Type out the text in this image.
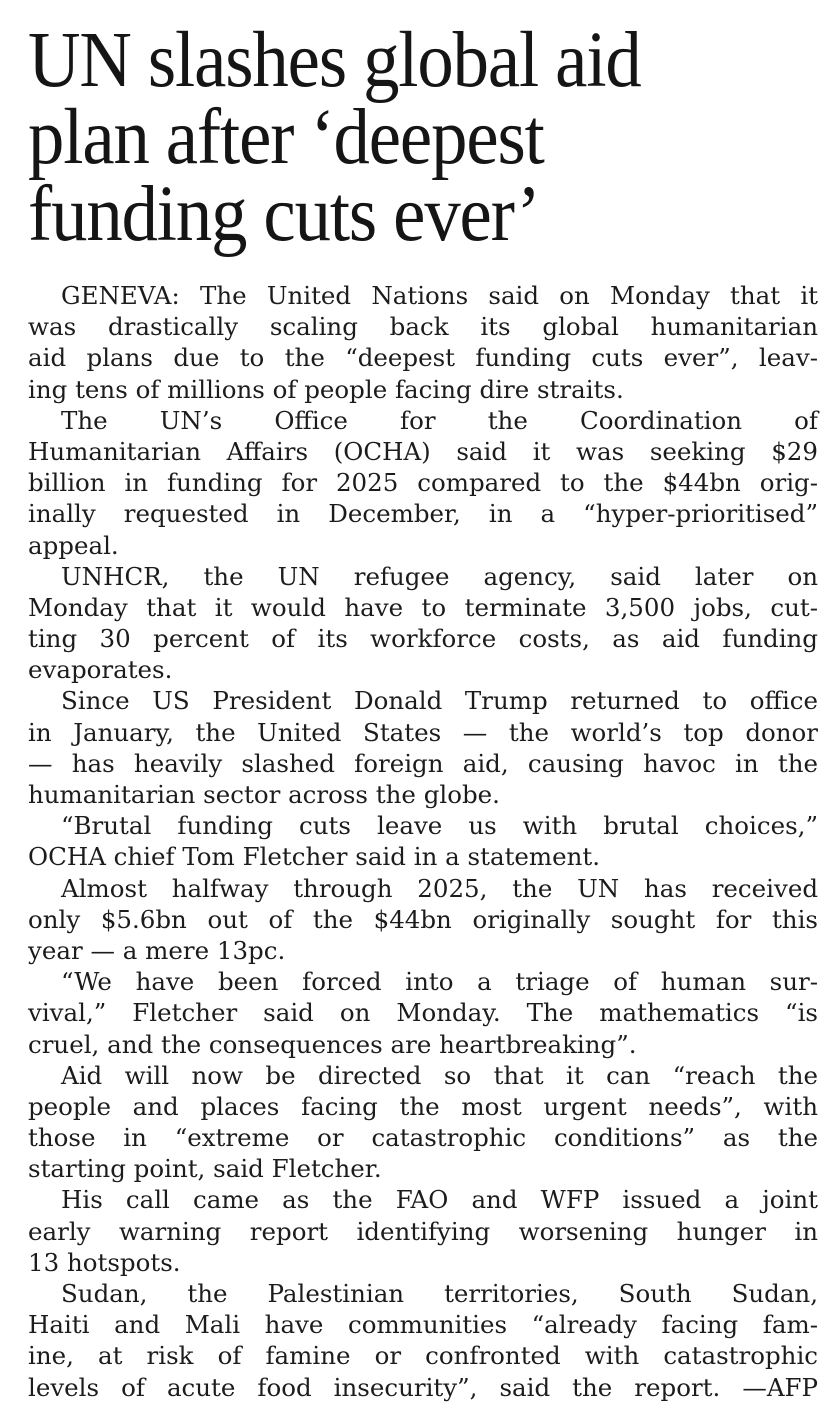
UN slashes global aid
plan after ‘deepest
funding cuts ever’

GENEVA: The United Nations said on Monday that it
was drastically scaling back its global humanitarian
aid plans due to the “deepest funding cuts ever”, leav-
ing tens of millions of people facing dire straits.

The UN’s Office for the Coordination of
Humanitarian Affairs (OCHA) said it was seeking $29
billion in funding for 2025 compared to the $44bn orig-
inally requested in December, in a “hyper-prioritised”
appeal.

UNHCR, the UN refugee agency, said later on
Monday that it would have to terminate 3,500 jobs, cut-
ting 30 percent of its workforce costs, as aid funding
evaporates.

Since US President Donald Trump returned to office
in January, the United States — the world’s top donor
— has heavily slashed foreign aid, causing havoc in the
humanitarian sector across the globe.

“Brutal funding cuts leave us with brutal choices,”
OCHA chief Tom Fletcher said in a statement.

Almost halfway through 2025, the UN has received
only $5.6bn out of the $44bn originally sought for this
year — a mere 13pc.

“We have been forced into a triage of human sur-
vival,” Fletcher said on Monday. The mathematics “is
cruel, and the consequences are heartbreaking”.

Aid will now be directed so that it can “reach the
people and places facing the most urgent needs”, with
those in “extreme or catastrophic conditions” as the
starting point, said Fletcher.

His call came as the FAO and WFP issued a joint
early warning report identifying worsening hunger in
13 hotspots.

Sudan, the Palestinian territories, South Sudan,
Haiti and Mali have communities “already facing fam-
ine, at risk of famine or confronted with catastrophic
levels of acute food insecurity”, said the report. —AFP
